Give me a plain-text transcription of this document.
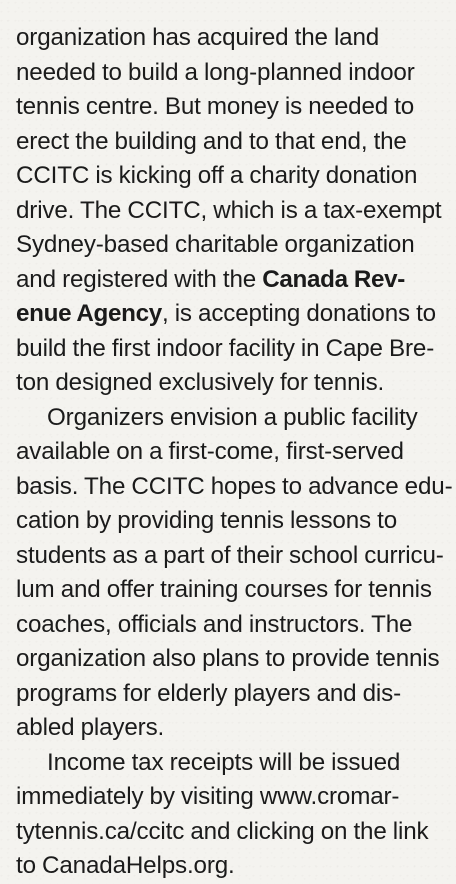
organization has acquired the land
needed to build a long-planned indoor
tennis centre. But money is needed to
erect the building and to that end, the
CCITC is kicking off a charity donation
drive. The CCITC, which is a tax-exempt
Sydney-based charitable organization
and registered with the Canada Rev-
enue Agency, is accepting donations to
build the first indoor facility in Cape Bre-
ton designed exclusively for tennis.

Organizers envision a public facility
available on a first-come, first-served
basis. The CCITC hopes to advance edu-
cation by providing tennis lessons to
students as a part of their school curricu-
lum and offer training courses for tennis
coaches, officials and instructors. The
organization also plans to provide tennis
programs for elderly players and dis-
abled players.

Income tax receipts will be issued
immediately by visiting www.cromar-
tytennis.ca/ccitc and clicking on the link
to CanadaHelps.org.
